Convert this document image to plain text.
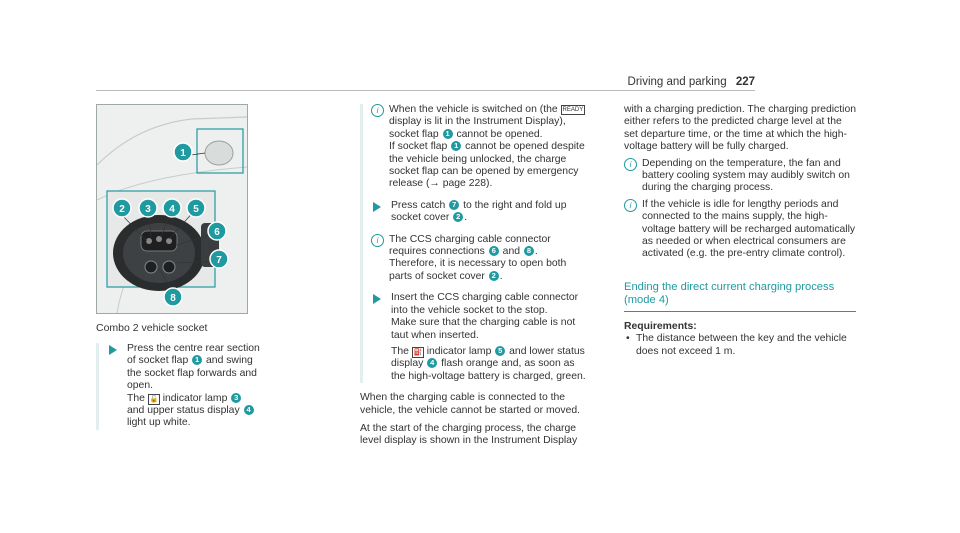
Driving and parking 227
1
2 3 4 5
6
7
8
Combo 2 vehicle socket
Press the centre rear section of socket flap 1 and swing the socket flap forwards and open.
The 🔓 indicator lamp 3 and upper status display 4 light up white.
i	When the vehicle is switched on (the READY display is lit in the Instrument Display), socket flap 1 cannot be opened.
If socket flap 1 cannot be opened despite the vehicle being unlocked, the charge socket flap can be opened by emergency release (→ page 228).
Press catch 7 to the right and fold up socket cover 2 .
i	The CCS charging cable connector requires connections 6 and 8 . Therefore, it is necessary to open both parts of socket cover 2 .

Insert the CCS charging cable connector into the vehicle socket to the stop.

Make sure that the charging cable is not taut when inserted.

The ⛽ indicator lamp 5 and lower status display 4 flash orange and, as soon as the high-voltage battery is charged, green.

When the charging cable is connected to the vehicle, the vehicle cannot be started or moved.

At the start of the charging process, the charge level display is shown in the Instrument Display

with a charging prediction. The charging prediction either refers to the predicted charge level at the set departure time, or the time at which the high-voltage battery will be fully charged.

i	Depending on the temperature, the fan and battery cooling system may audibly switch on during the charging process.
i	If the vehicle is idle for lengthy periods and connected to the mains supply, the high-voltage battery will be recharged automatically as needed or when electrical consumers are activated (e.g. the pre-entry climate control).
Ending the direct current charging process (mode 4)
Requirements:
• The distance between the key and the vehicle does not exceed 1 m.
